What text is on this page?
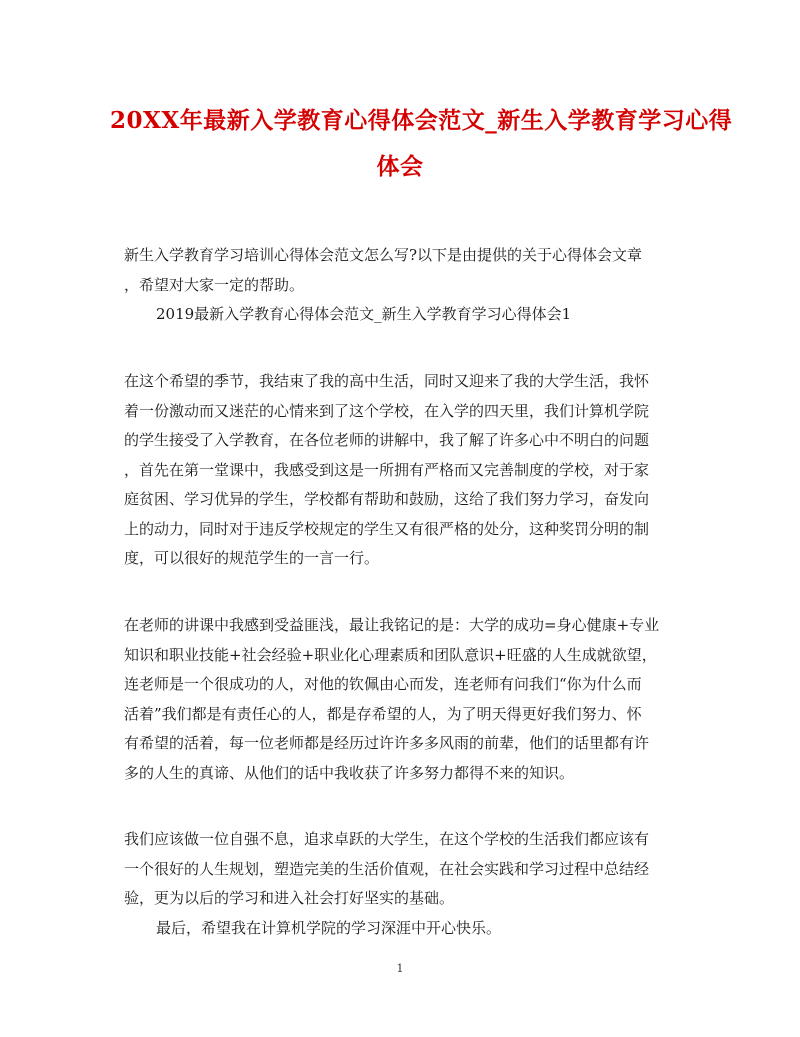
20XX年最新入学教育心得体会范文_新生入学教育学习心得
体会
新生入学教育学习培训心得体会范文怎么写?以下是由提供的关于心得体会文章
，希望对大家一定的帮助。
2019最新入学教育心得体会范文_新生入学教育学习心得体会1
在这个希望的季节，我结束了我的高中生活，同时又迎来了我的大学生活，我怀
着一份激动而又迷茫的心情来到了这个学校，在入学的四天里，我们计算机学院
的学生接受了入学教育，在各位老师的讲解中，我了解了许多心中不明白的问题
，首先在第一堂课中，我感受到这是一所拥有严格而又完善制度的学校，对于家
庭贫困、学习优异的学生，学校都有帮助和鼓励，这给了我们努力学习，奋发向
上的动力，同时对于违反学校规定的学生又有很严格的处分，这种奖罚分明的制
度，可以很好的规范学生的一言一行。
在老师的讲课中我感到受益匪浅，最让我铭记的是：大学的成功=身心健康+专业
知识和职业技能+社会经验+职业化心理素质和团队意识+旺盛的人生成就欲望，
连老师是一个很成功的人，对他的钦佩由心而发，连老师有问我们“你为什么而
活着”我们都是有责任心的人，都是存希望的人，为了明天得更好我们努力、怀
有希望的活着，每一位老师都是经历过许许多多风雨的前辈，他们的话里都有许
多的人生的真谛、从他们的话中我收获了许多努力都得不来的知识。
我们应该做一位自强不息，追求卓跃的大学生，在这个学校的生活我们都应该有
一个很好的人生规划，塑造完美的生活价值观，在社会实践和学习过程中总结经
验，更为以后的学习和进入社会打好坚实的基础。
最后，希望我在计算机学院的学习深涯中开心快乐。
1
